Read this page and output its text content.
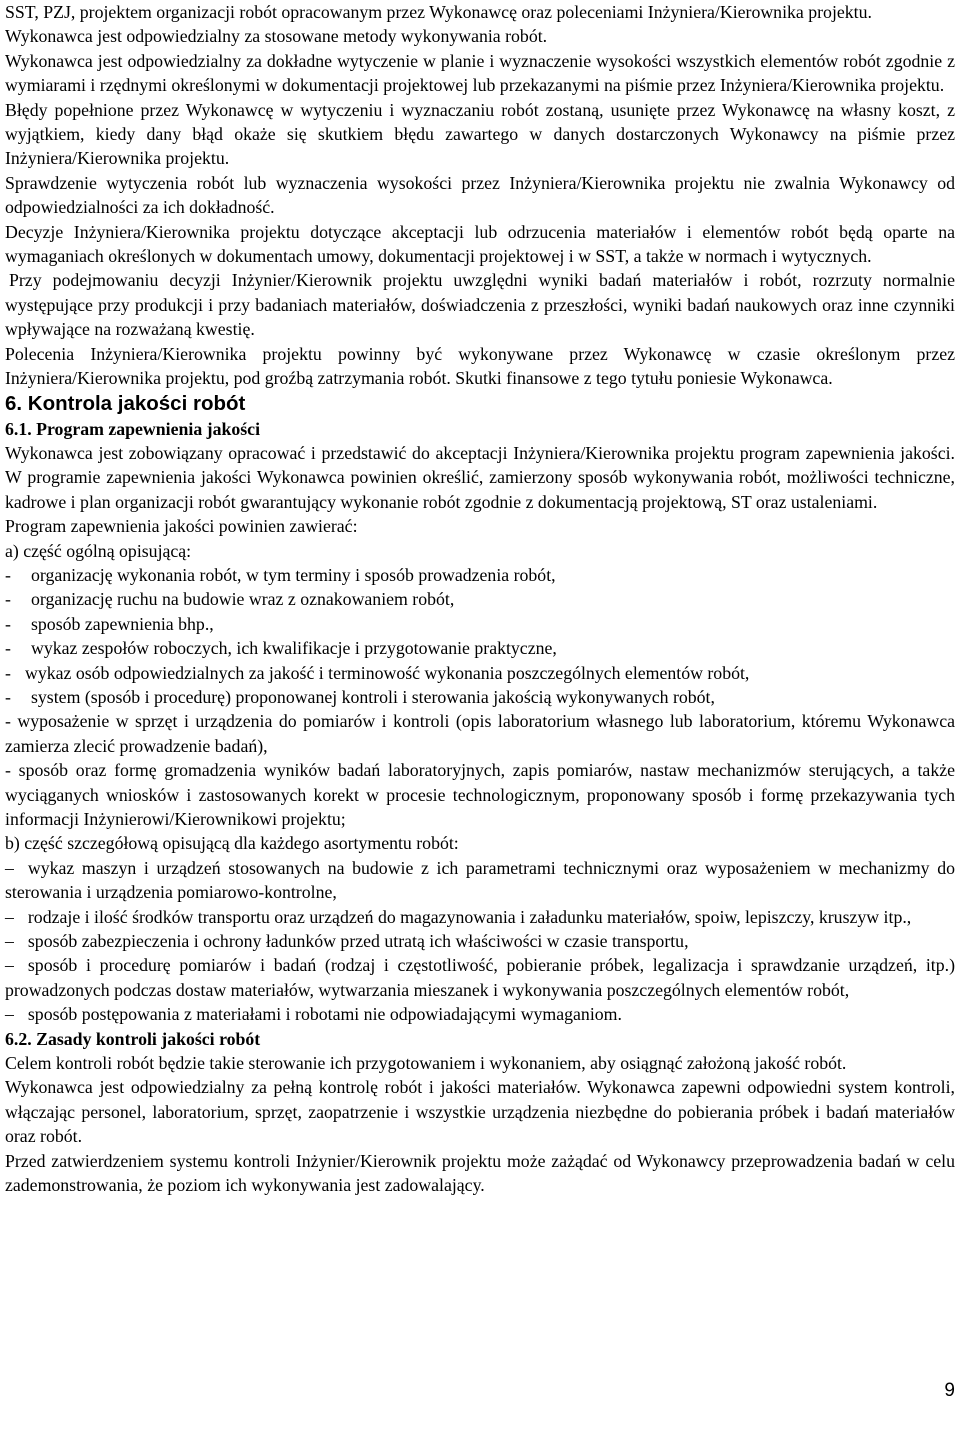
SST, PZJ, projektem organizacji robót opracowanym przez Wykonawcę oraz poleceniami Inżyniera/Kierownika projektu.

Wykonawca jest odpowiedzialny za stosowane metody wykonywania robót.

Wykonawca jest odpowiedzialny za dokładne wytyczenie w planie i wyznaczenie wysokości wszystkich elementów robót zgodnie z wymiarami i rzędnymi określonymi w dokumentacji projektowej lub przekazanymi na piśmie przez Inżyniera/Kierownika projektu.

Błędy popełnione przez Wykonawcę w wytyczeniu i wyznaczaniu robót zostaną, usunięte przez Wykonawcę na własny koszt, z wyjątkiem, kiedy dany błąd okaże się skutkiem błędu zawartego w danych dostarczonych Wykonawcy na piśmie przez Inżyniera/Kierownika projektu.

Sprawdzenie wytyczenia robót lub wyznaczenia wysokości przez Inżyniera/Kierownika projektu nie zwalnia Wykonawcy od odpowiedzialności za ich dokładność.

Decyzje Inżyniera/Kierownika projektu dotyczące akceptacji lub odrzucenia materiałów i elementów robót będą oparte na wymaganiach określonych w dokumentach umowy, dokumentacji projektowej i w SST, a także w normach i wytycznych.

Przy podejmowaniu decyzji Inżynier/Kierownik projektu uwzględni wyniki badań materiałów i robót, rozrzuty normalnie występujące przy produkcji i przy badaniach materiałów, doświadczenia z przeszłości, wyniki badań naukowych oraz inne czynniki wpływające na rozważaną kwestię.

Polecenia Inżyniera/Kierownika projektu powinny być wykonywane przez Wykonawcę w czasie określonym przez Inżyniera/Kierownika projektu, pod groźbą zatrzymania robót. Skutki finansowe z tego tytułu poniesie Wykonawca.

6. Kontrola jakości robót
6.1. Program zapewnienia jakości

Wykonawca jest zobowiązany opracować i przedstawić do akceptacji Inżyniera/Kierownika projektu program zapewnienia jakości. W programie zapewnienia jakości Wykonawca powinien określić, zamierzony sposób wykonywania robót, możliwości techniczne, kadrowe i plan organizacji robót gwarantujący wykonanie robót zgodnie z dokumentacją projektową, ST oraz ustaleniami.

Program zapewnienia jakości powinien zawierać:

a) część ogólną opisującą:

-	organizację wykonania robót, w tym terminy i sposób prowadzenia robót,
-	organizację ruchu na budowie wraz z oznakowaniem robót,
-	sposób zapewnienia bhp.,
-	wykaz zespołów roboczych, ich kwalifikacje i przygotowanie praktyczne,
- wykaz osób odpowiedzialnych za jakość i terminowość wykonania poszczególnych elementów robót,
-	system (sposób i procedurę) proponowanej kontroli i sterowania jakością wykonywanych robót,

- wyposażenie w sprzęt i urządzenia do pomiarów i kontroli (opis laboratorium własnego lub laboratorium, któremu Wykonawca zamierza zlecić prowadzenie badań),

- sposób oraz formę gromadzenia wyników badań laboratoryjnych, zapis pomiarów, nastaw mechanizmów sterujących, a także wyciąganych wniosków i zastosowanych korekt w procesie technologicznym, proponowany sposób i formę przekazywania tych informacji Inżynierowi/Kierownikowi projektu;

b) część szczegółową opisującą dla każdego asortymentu robót:

– wykaz maszyn i urządzeń stosowanych na budowie z ich parametrami technicznymi oraz wyposażeniem w mechanizmy do sterowania i urządzenia pomiarowo-kontrolne,

– rodzaje i ilość środków transportu oraz urządzeń do magazynowania i załadunku materiałów, spoiw, lepiszczy, kruszyw itp.,

– sposób zabezpieczenia i ochrony ładunków przed utratą ich właściwości w czasie transportu,

– sposób i procedurę pomiarów i badań (rodzaj i częstotliwość, pobieranie próbek, legalizacja i sprawdzanie urządzeń, itp.) prowadzonych podczas dostaw materiałów, wytwarzania mieszanek i wykonywania poszczególnych elementów robót,

– sposób postępowania z materiałami i robotami nie odpowiadającymi wymaganiom.

6.2. Zasady kontroli jakości robót

Celem kontroli robót będzie takie sterowanie ich przygotowaniem i wykonaniem, aby osiągnąć założoną jakość robót.

Wykonawca jest odpowiedzialny za pełną kontrolę robót i jakości materiałów. Wykonawca zapewni odpowiedni system kontroli, włączając personel, laboratorium, sprzęt, zaopatrzenie i wszystkie urządzenia niezbędne do pobierania próbek i badań materiałów oraz robót.

Przed zatwierdzeniem systemu kontroli Inżynier/Kierownik projektu może zażądać od Wykonawcy przeprowadzenia badań w celu zademonstrowania, że poziom ich wykonywania jest zadowalający.

9
